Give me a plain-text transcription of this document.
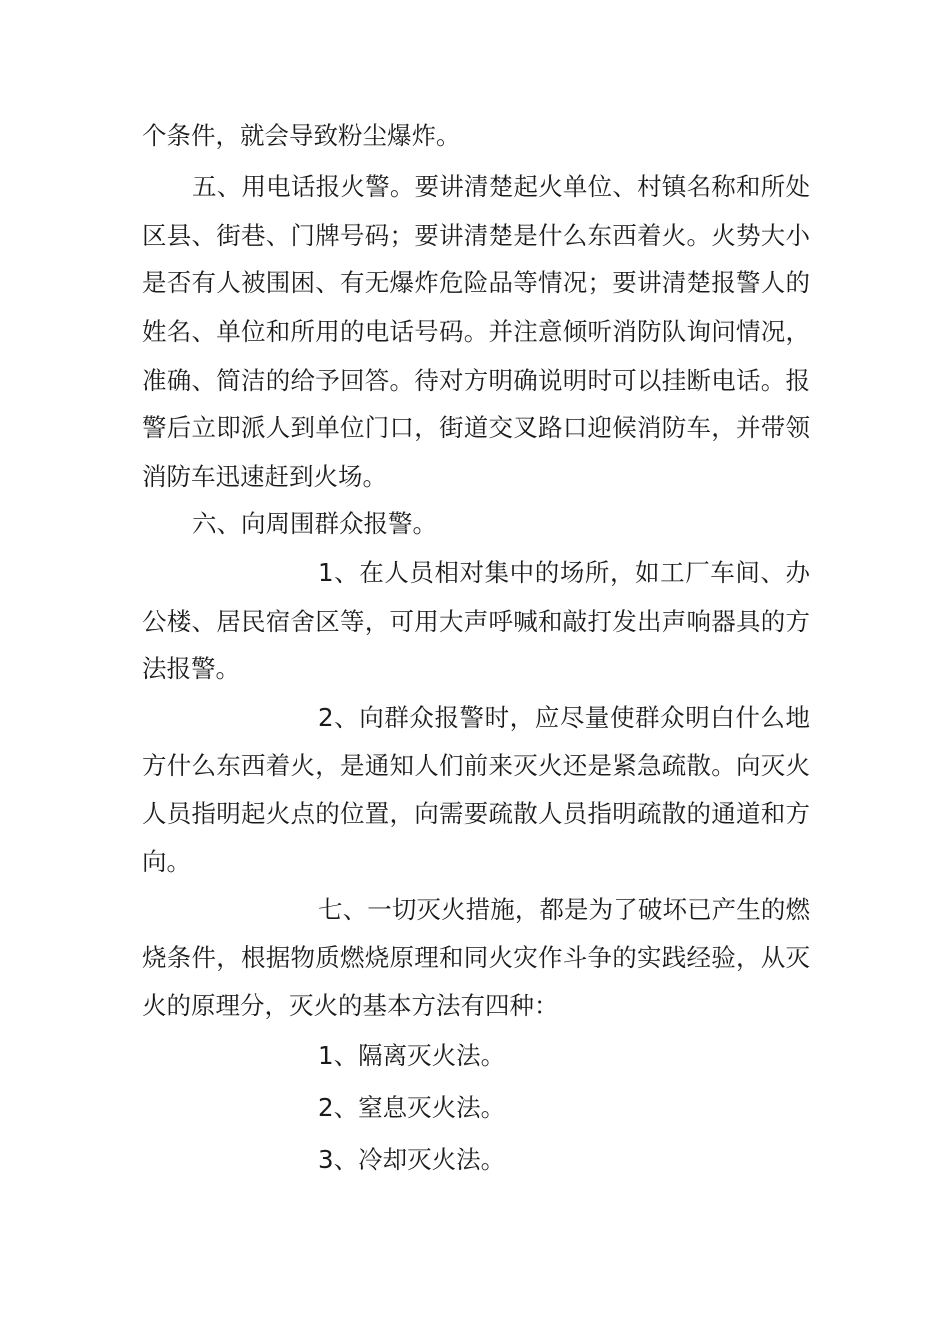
个条件，就会导致粉尘爆炸。

五、用电话报火警。要讲清楚起火单位、村镇名称和所处

区县、街巷、门牌号码；要讲清楚是什么东西着火。火势大小

是否有人被围困、有无爆炸危险品等情况；要讲清楚报警人的

姓名、单位和所用的电话号码。并注意倾听消防队询问情况，

准确、简洁的给予回答。待对方明确说明时可以挂断电话。报

警后立即派人到单位门口，街道交叉路口迎候消防车，并带领

消防车迅速赶到火场。

六、向周围群众报警。

1、在人员相对集中的场所，如工厂车间、办

公楼、居民宿舍区等，可用大声呼喊和敲打发出声响器具的方

法报警。

2、向群众报警时，应尽量使群众明白什么地

方什么东西着火，是通知人们前来灭火还是紧急疏散。向灭火

人员指明起火点的位置，向需要疏散人员指明疏散的通道和方

向。

七、一切灭火措施，都是为了破坏已产生的燃

烧条件，根据物质燃烧原理和同火灾作斗争的实践经验，从灭

火的原理分，灭火的基本方法有四种：

1、隔离灭火法。

2、窒息灭火法。

3、冷却灭火法。
